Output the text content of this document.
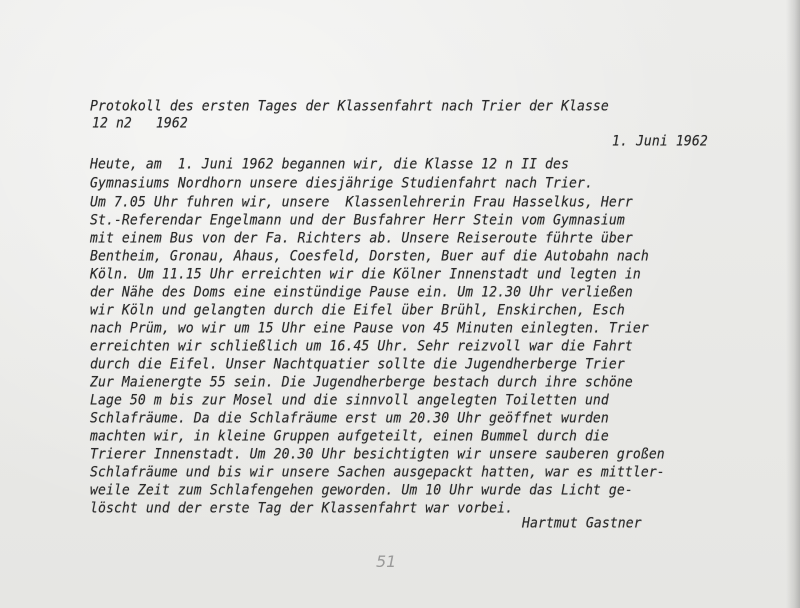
Protokoll des ersten Tages der Klassenfahrt nach Trier der Klasse
12 n2   1962
1. Juni 1962
Heute, am  1. Juni 1962 begannen wir, die Klasse 12 n II des
Gymnasiums Nordhorn unsere diesjährige Studienfahrt nach Trier.
Um 7.05 Uhr fuhren wir, unsere  Klassenlehrerin Frau Hasselkus, Herr
St.-Referendar Engelmann und der Busfahrer Herr Stein vom Gymnasium
mit einem Bus von der Fa. Richters ab. Unsere Reiseroute führte über
Bentheim, Gronau, Ahaus, Coesfeld, Dorsten, Buer auf die Autobahn nach
Köln. Um 11.15 Uhr erreichten wir die Kölner Innenstadt und legten in
der Nähe des Doms eine einstündige Pause ein. Um 12.30 Uhr verließen
wir Köln und gelangten durch die Eifel über Brühl, Enskirchen, Esch
nach Prüm, wo wir um 15 Uhr eine Pause von 45 Minuten einlegten. Trier
erreichten wir schließlich um 16.45 Uhr. Sehr reizvoll war die Fahrt
durch die Eifel. Unser Nachtquatier sollte die Jugendherberge Trier
Zur Maienergte 55 sein. Die Jugendherberge bestach durch ihre schöne
Lage 50 m bis zur Mosel und die sinnvoll angelegten Toiletten und
Schlafräume. Da die Schlafräume erst um 20.30 Uhr geöffnet wurden
machten wir, in kleine Gruppen aufgeteilt, einen Bummel durch die
Trierer Innenstadt. Um 20.30 Uhr besichtigten wir unsere sauberen großen
Schlafräume und bis wir unsere Sachen ausgepackt hatten, war es mittler-
weile Zeit zum Schlafengehen geworden. Um 10 Uhr wurde das Licht ge-
löscht und der erste Tag der Klassenfahrt war vorbei.
Hartmut Gastner
51
